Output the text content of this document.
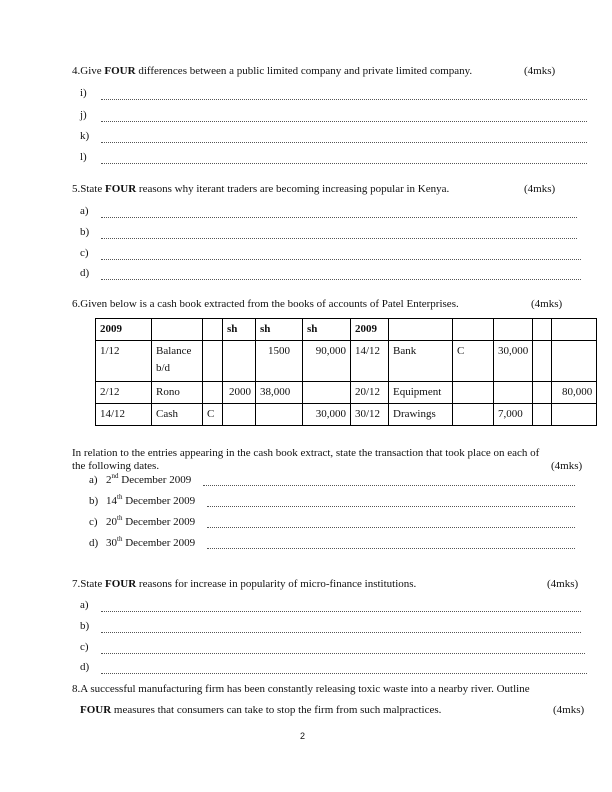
4.Give FOUR differences between a public limited company and private limited company.	(4mks)
i)
j)
k)
l)
5.State FOUR reasons why iterant traders are becoming increasing popular in Kenya.	(4mks)
a)
b)
c)
d)
6.Given below is a cash book extracted from the books of accounts of Patel Enterprises.	(4mks)
2009			sh	sh	sh	2009					
1/12	Balance b/d			1500	90,000	14/12	Bank	C	30,000		
2/12	Rono		2000	38,000		20/12	Equipment				80,000
14/12	Cash	C			30,000	30/12	Drawings		7,000		
In relation to the entries appearing in the cash book extract, state the transaction that took place on each of
the following dates.	(4mks)
a) 2nd December 2009
b) 14th December 2009
c) 20th December 2009
d) 30th December 2009
7.State FOUR reasons for increase in popularity of micro-finance institutions.	(4mks)
a)
b)
c)
d)
8.A successful manufacturing firm has been constantly releasing toxic waste into a nearby river. Outline
FOUR measures that consumers can take to stop the firm from such malpractices.	(4mks)
2
